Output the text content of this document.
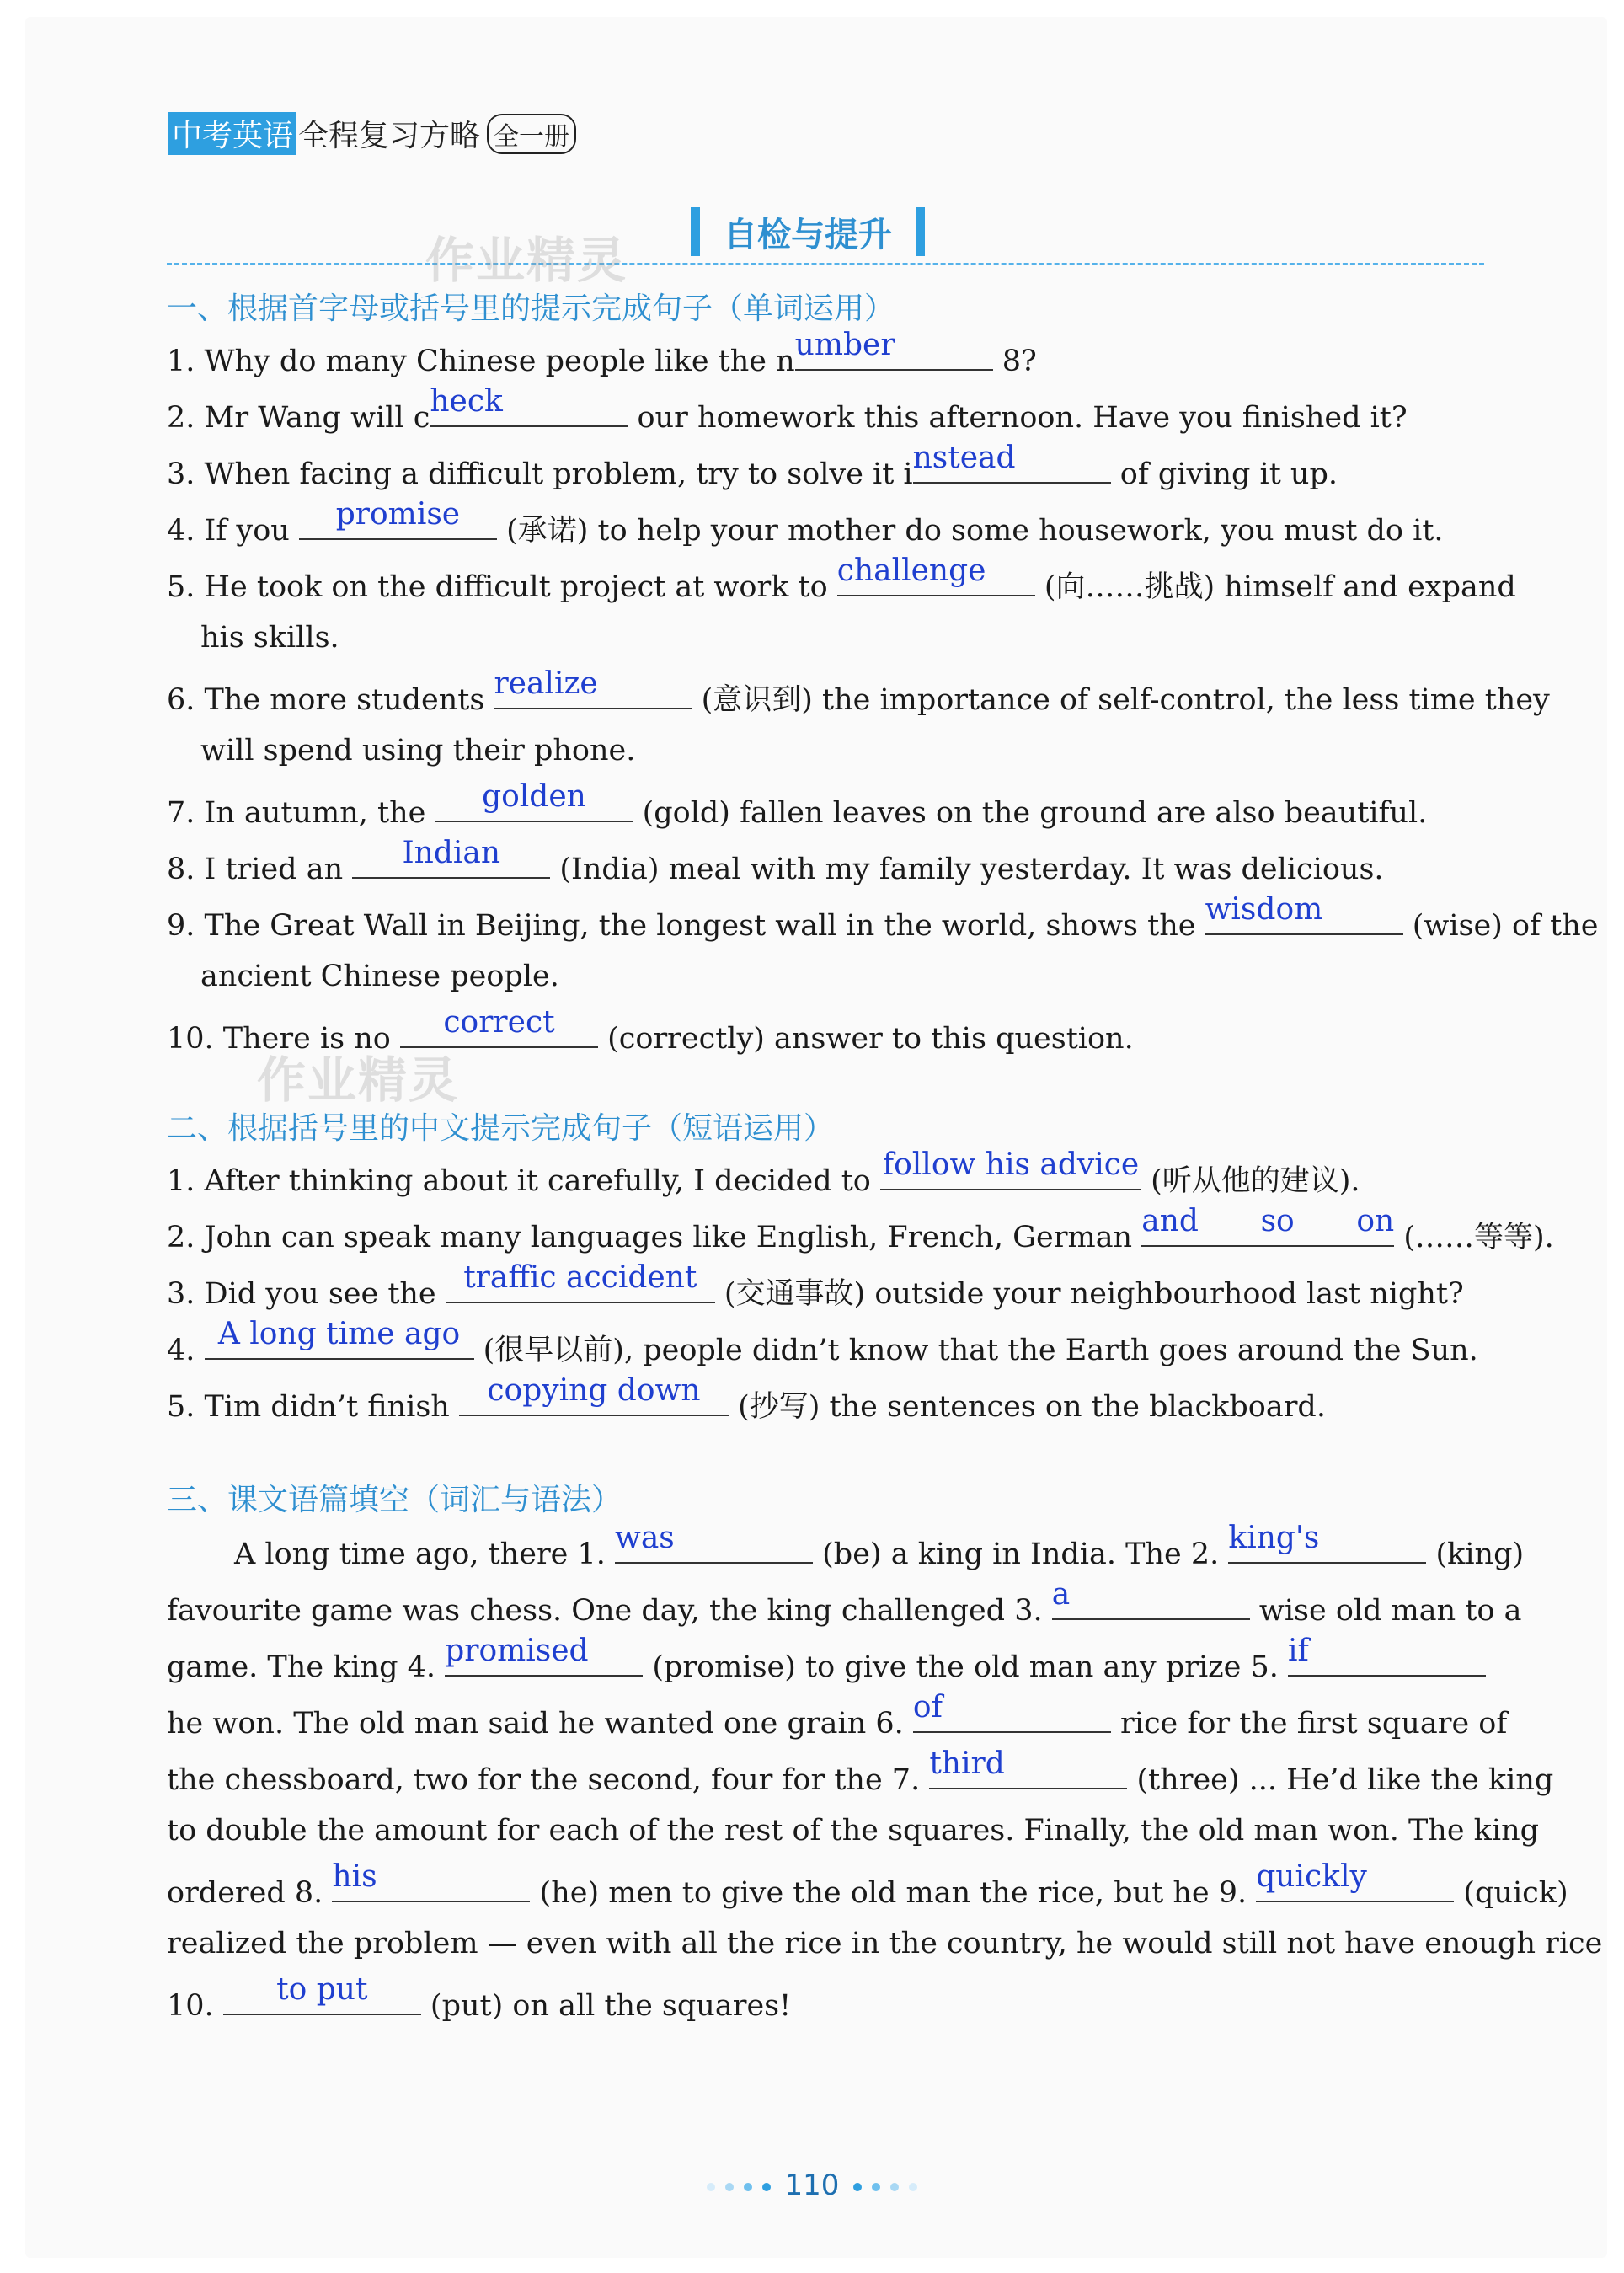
中考英语 全程复习方略 全一册
自检与提升
作业精灵
作业精灵
一、根据首字母或括号里的提示完成句子（单词运用）
1. Why do many Chinese people like the n umber	8?
2. Mr Wang will c heck	our homework this afternoon. Have you finished it?
3. When facing a difficult problem, try to solve it i nstead	of giving it up.
4. If you	promise	(承诺) to help your mother do some housework, you must do it.
5. He took on the difficult project at work to challenge	(向……挑战) himself and expand
his skills.
6. The more students realize	(意识到) the importance of self-control, the less time they
will spend using their phone.
7. In autumn, the	golden	(gold) fallen leaves on the ground are also beautiful.
8. I tried an	Indian	(India) meal with my family yesterday. It was delicious.
9. The Great Wall in Beijing, the longest wall in the world, shows the wisdom	(wise) of the
ancient Chinese people.
10. There is no	correct	(correctly) answer to this question.
二、根据括号里的中文提示完成句子（短语运用）
1. After thinking about it carefully, I decided to follow his advice (听从他的建议).
2. John can speak many languages like English, French, German and so on (……等等).
3. Did you see the traffic accident (交通事故) outside your neighbourhood last night?
4. A long time ago (很早以前), people didn’t know that the Earth goes around the Sun.
5. Tim didn’t finish copying down (抄写) the sentences on the blackboard.
三、课文语篇填空（词汇与语法）
A long time ago, there 1. was	(be) a king in India. The 2. king's	(king)
favourite game was chess. One day, the king challenged 3. a	wise old man to a
game. The king 4. promised	(promise) to give the old man any prize 5. if
he won. The old man said he wanted one grain 6. of	rice for the first square of
the chessboard, two for the second, four for the 7. third	(three) ... He’d like the king
to double the amount for each of the rest of the squares. Finally, the old man won. The king
ordered 8. his	(he) men to give the old man the rice, but he 9. quickly	(quick)
realized the problem — even with all the rice in the country, he would still not have enough rice
10.	to put	(put) on all the squares!
110
